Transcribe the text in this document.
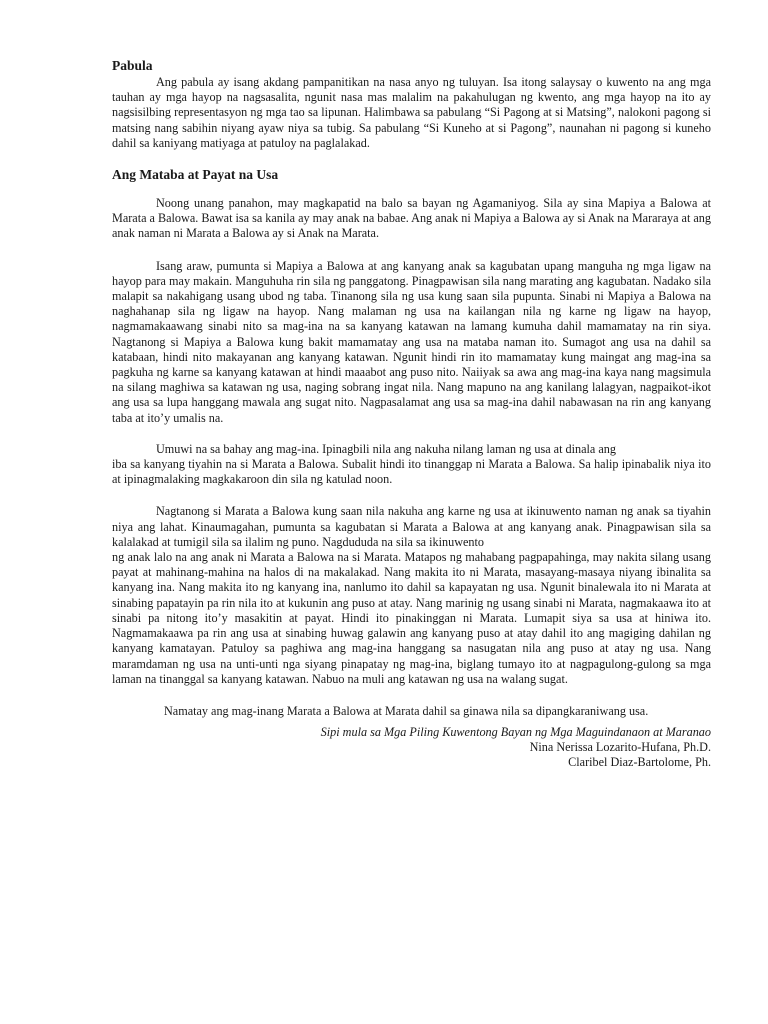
Pabula

Ang pabula ay isang akdang pampanitikan na nasa anyo ng tuluyan. Isa itong salaysay o kuwento na ang mga tauhan ay mga hayop na nagsasalita, ngunit nasa mas malalim na pakahulugan ng kwento, ang mga hayop na ito ay nagsisilbing representasyon ng mga tao sa lipunan. Halimbawa sa pabulang “Si Pagong at si Matsing”, nalokoni pagong si matsing nang sabihin niyang ayaw niya sa tubig. Sa pabulang “Si Kuneho at si Pagong”, naunahan ni pagong si kuneho dahil sa kaniyang matiyaga at patuloy na paglalakad.

Ang Mataba at Payat na Usa

Noong unang panahon, may magkapatid na balo sa bayan ng Agamaniyog. Sila ay sina Mapiya a Balowa at Marata a Balowa. Bawat isa sa kanila ay may anak na babae. Ang anak ni Mapiya a Balowa ay si Anak na Mararaya at ang anak naman ni Marata a Balowa ay si Anak na Marata.

Isang araw, pumunta si Mapiya a Balowa at ang kanyang anak sa kagubatan upang manguha ng mga ligaw na hayop para may makain. Manguhuha rin sila ng panggatong. Pinagpawisan sila nang marating ang kagubatan. Nadako sila malapit sa nakahigang usang ubod ng taba. Tinanong sila ng usa kung saan sila pupunta. Sinabi ni Mapiya a Balowa na naghahanap sila ng ligaw na hayop. Nang malaman ng usa na kailangan nila ng karne ng ligaw na hayop, nagmamakaawang sinabi nito sa mag-ina na sa kanyang katawan na lamang kumuha dahil mamamatay na rin siya. Nagtanong si Mapiya a Balowa kung bakit mamamatay ang usa na mataba naman ito. Sumagot ang usa na dahil sa katabaan, hindi nito makayanan ang kanyang katawan. Ngunit hindi rin ito mamamatay kung maingat ang mag-ina sa pagkuha ng karne sa kanyang katawan at hindi maaabot ang puso nito. Naiiyak sa awa ang mag-ina kaya nang magsimula na silang maghiwa sa katawan ng usa, naging sobrang ingat nila. Nang mapuno na ang kanilang lalagyan, nagpaikot-ikot ang usa sa lupa hanggang mawala ang sugat nito. Nagpasalamat ang usa sa mag-ina dahil nabawasan na rin ang kanyang taba at ito’y umalis na.

Umuwi na sa bahay ang mag-ina. Ipinagbili nila ang nakuha nilang laman ng usa at dinala ang

iba sa kanyang tiyahin na si Marata a Balowa. Subalit hindi ito tinanggap ni Marata a Balowa. Sa halip ipinabalik niya ito at ipinagmalaking magkakaroon din sila ng katulad noon.

Nagtanong si Marata a Balowa kung saan nila nakuha ang karne ng usa at ikinuwento naman ng anak sa tiyahin niya ang lahat. Kinaumagahan, pumunta sa kagubatan si Marata a Balowa at ang kanyang anak. Pinagpawisan sila sa kalalakad at tumigil sila sa ilalim ng puno. Nagdududa na sila sa ikinuwento

ng anak lalo na ang anak ni Marata a Balowa na si Marata. Matapos ng mahabang pagpapahinga, may nakita silang usang payat at mahinang-mahina na halos di na makalakad. Nang makita ito ni Marata, masayang-masaya niyang ibinalita sa kanyang ina. Nang makita ito ng kanyang ina, nanlumo ito dahil sa kapayatan ng usa. Ngunit binalewala ito ni Marata at sinabing papatayin pa rin nila ito at kukunin ang puso at atay. Nang marinig ng usang sinabi ni Marata, nagmakaawa ito at sinabi pa nitong ito’y masakitin at payat. Hindi ito pinakinggan ni Marata. Lumapit siya sa usa at hiniwa ito. Nagmamakaawa pa rin ang usa at sinabing huwag galawin ang kanyang puso at atay dahil ito ang magiging dahilan ng kanyang kamatayan. Patuloy sa paghiwa ang mag-ina hanggang sa nasugatan nila ang puso at atay ng usa. Nang maramdaman ng usa na unti-unti nga siyang pinapatay ng mag-ina, biglang tumayo ito at nagpagulong-gulong sa mga laman na tinanggal sa kanyang katawan. Nabuo na muli ang katawan ng usa na walang sugat.

Namatay ang mag-inang Marata a Balowa at Marata dahil sa ginawa nila sa dipangkaraniwang usa.

Sipi mula sa Mga Piling Kuwentong Bayan ng Mga Maguindanaon at Maranao
Nina Nerissa Lozarito-Hufana, Ph.D.
Claribel Diaz-Bartolome, Ph.
